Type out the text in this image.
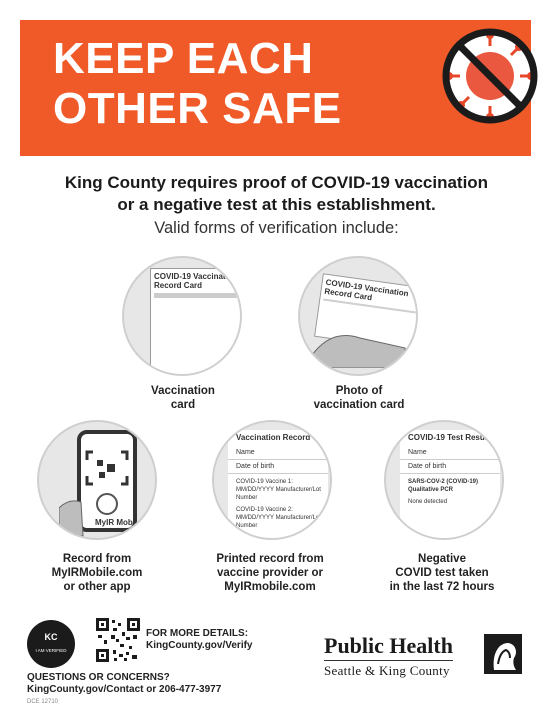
KEEP EACH
OTHER SAFE
King County requires proof of COVID-19 vaccination
or a negative test at this establishment.
Valid forms of verification include:
COVID-19 Vaccination Record Card
Vaccination
card
COVID-19 Vaccination Record Card
Photo of
vaccination card
MyIR Mobile
Record from
MyIRMobile.com
or other app
Vaccination Record
Name
Date of birth
COVID-19 Vaccine 1: MM/DD/YYYY Manufacturer/Lot Number
COVID-19 Vaccine 2: MM/DD/YYYY Manufacturer/Lot Number
Printed record from
vaccine provider or
MyIRmobile.com
COVID-19 Test Result
Name
Date of birth
SARS-COV-2 (COVID-19) Qualitative PCR
None detected
Negative
COVID test taken
in the last 72 hours
KC
I AM VERIFIED
FOR MORE DETAILS:
KingCounty.gov/Verify
QUESTIONS OR CONCERNS?
KingCounty.gov/Contact or 206-477-3977
DCE 12710
Public Health
Seattle & King County
